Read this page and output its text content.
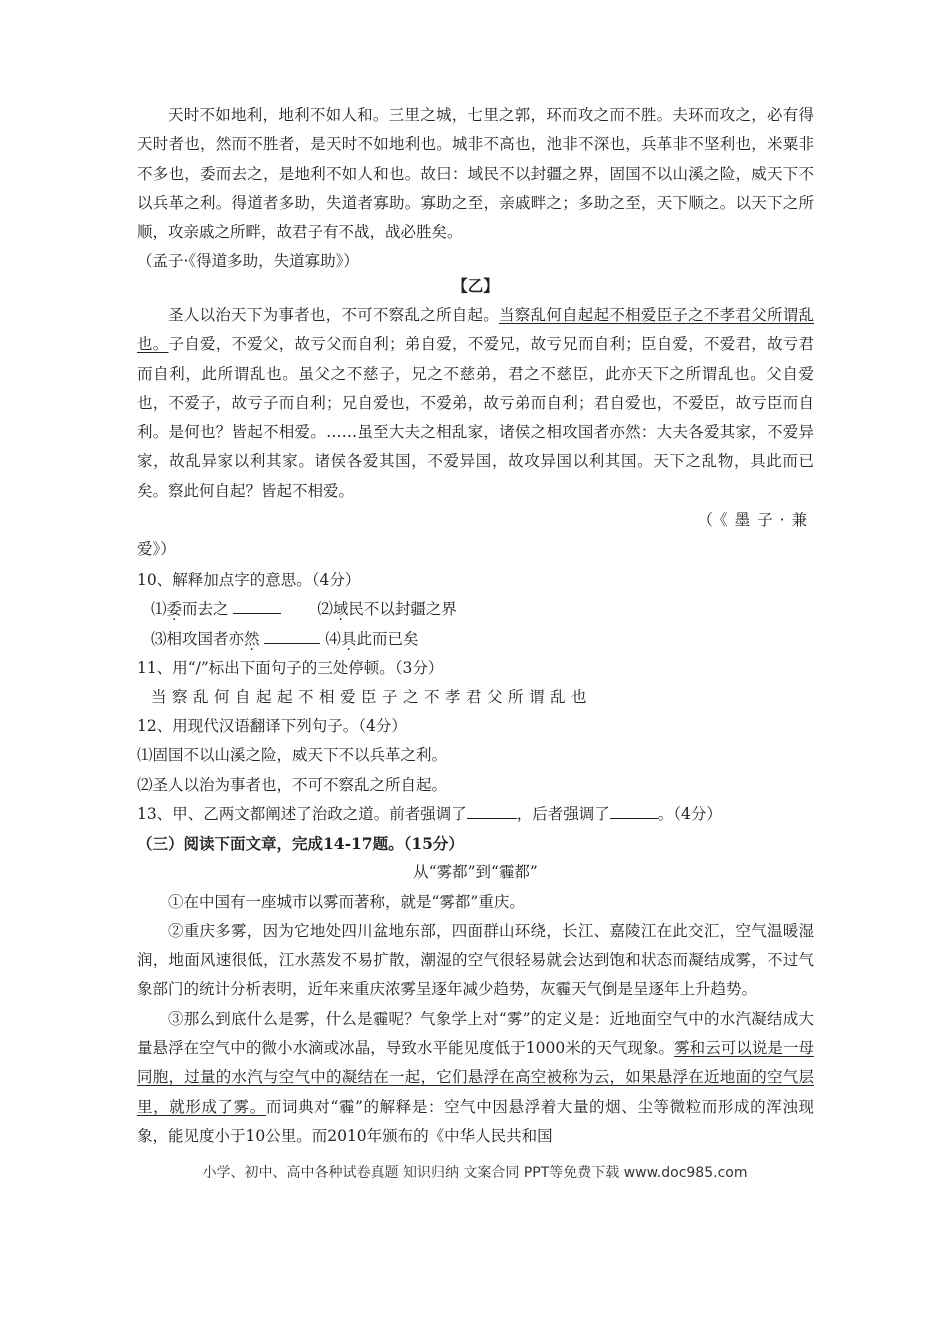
天时不如地利，地利不如人和。三里之城，七里之郭，环而攻之而不胜。夫环而攻之，必有得天时者也，然而不胜者，是天时不如地利也。城非不高也，池非不深也，兵革非不坚利也，米粟非不多也，委而去之，是地利不如人和也。故曰：域民不以封疆之界，固国不以山溪之险，威天下不以兵革之利。得道者多助，失道者寡助。寡助之至，亲戚畔之；多助之至，天下顺之。以天下之所顺，攻亲戚之所畔，故君子有不战，战必胜矣。

（孟子·《得道多助，失道寡助》）

【乙】

圣人以治天下为事者也，不可不察乱之所自起。当察乱何自起起不相爱臣子之不孝君父所谓乱也。子自爱，不爱父，故亏父而自利；弟自爱，不爱兄，故亏兄而自利；臣自爱，不爱君，故亏君而自利，此所谓乱也。虽父之不慈子，兄之不慈弟，君之不慈臣，此亦天下之所谓乱也。父自爱也，不爱子，故亏子而自利；兄自爱也，不爱弟，故亏弟而自利；君自爱也，不爱臣，故亏臣而自利。是何也？皆起不相爱。……虽至大夫之相乱家，诸侯之相攻国者亦然：大夫各爱其家，不爱异家，故乱异家以利其家。诸侯各爱其国，不爱异国，故攻异国以利其国。天下之乱物，具此而已矣。察此何自起？皆起不相爱。

（《墨子·兼

爱》）

10、解释加点字的意思。（4分）

⑴委而去之	⑵域民不以封疆之界

⑶相攻国者亦然	⑷具此而已矣

11、用“/”标出下面句子的三处停顿。（3分）

当察乱何自起起不相爱臣子之不孝君父所谓乱也

12、用现代汉语翻译下列句子。（4分）

⑴固国不以山溪之险，威天下不以兵革之利。

⑵圣人以治为事者也，不可不察乱之所自起。

13、甲、乙两文都阐述了治政之道。前者强调了	，后者强调了	。（4分）

（三）阅读下面文章，完成14-17题。（15分）

从“雾都”到“霾都”

①在中国有一座城市以雾而著称，就是“雾都”重庆。

②重庆多雾，因为它地处四川盆地东部，四面群山环绕，长江、嘉陵江在此交汇，空气温暖湿润，地面风速很低，江水蒸发不易扩散，潮湿的空气很轻易就会达到饱和状态而凝结成雾，不过气象部门的统计分析表明，近年来重庆浓雾呈逐年减少趋势，灰霾天气倒是呈逐年上升趋势。

③那么到底什么是雾，什么是霾呢？气象学上对“雾”的定义是：近地面空气中的水汽凝结成大量悬浮在空气中的微小水滴或冰晶，导致水平能见度低于1000米的天气现象。雾和云可以说是一母同胞，过量的水汽与空气中的凝结在一起，它们悬浮在高空被称为云，如果悬浮在近地面的空气层里，就形成了雾。而词典对“霾”的解释是：空气中因悬浮着大量的烟、尘等微粒而形成的浑浊现象，能见度小于10公里。而2010年颁布的《中华人民共和国

小学、初中、高中各种试卷真题 知识归纳 文案合同 PPT等免费下载 www.doc985.com
